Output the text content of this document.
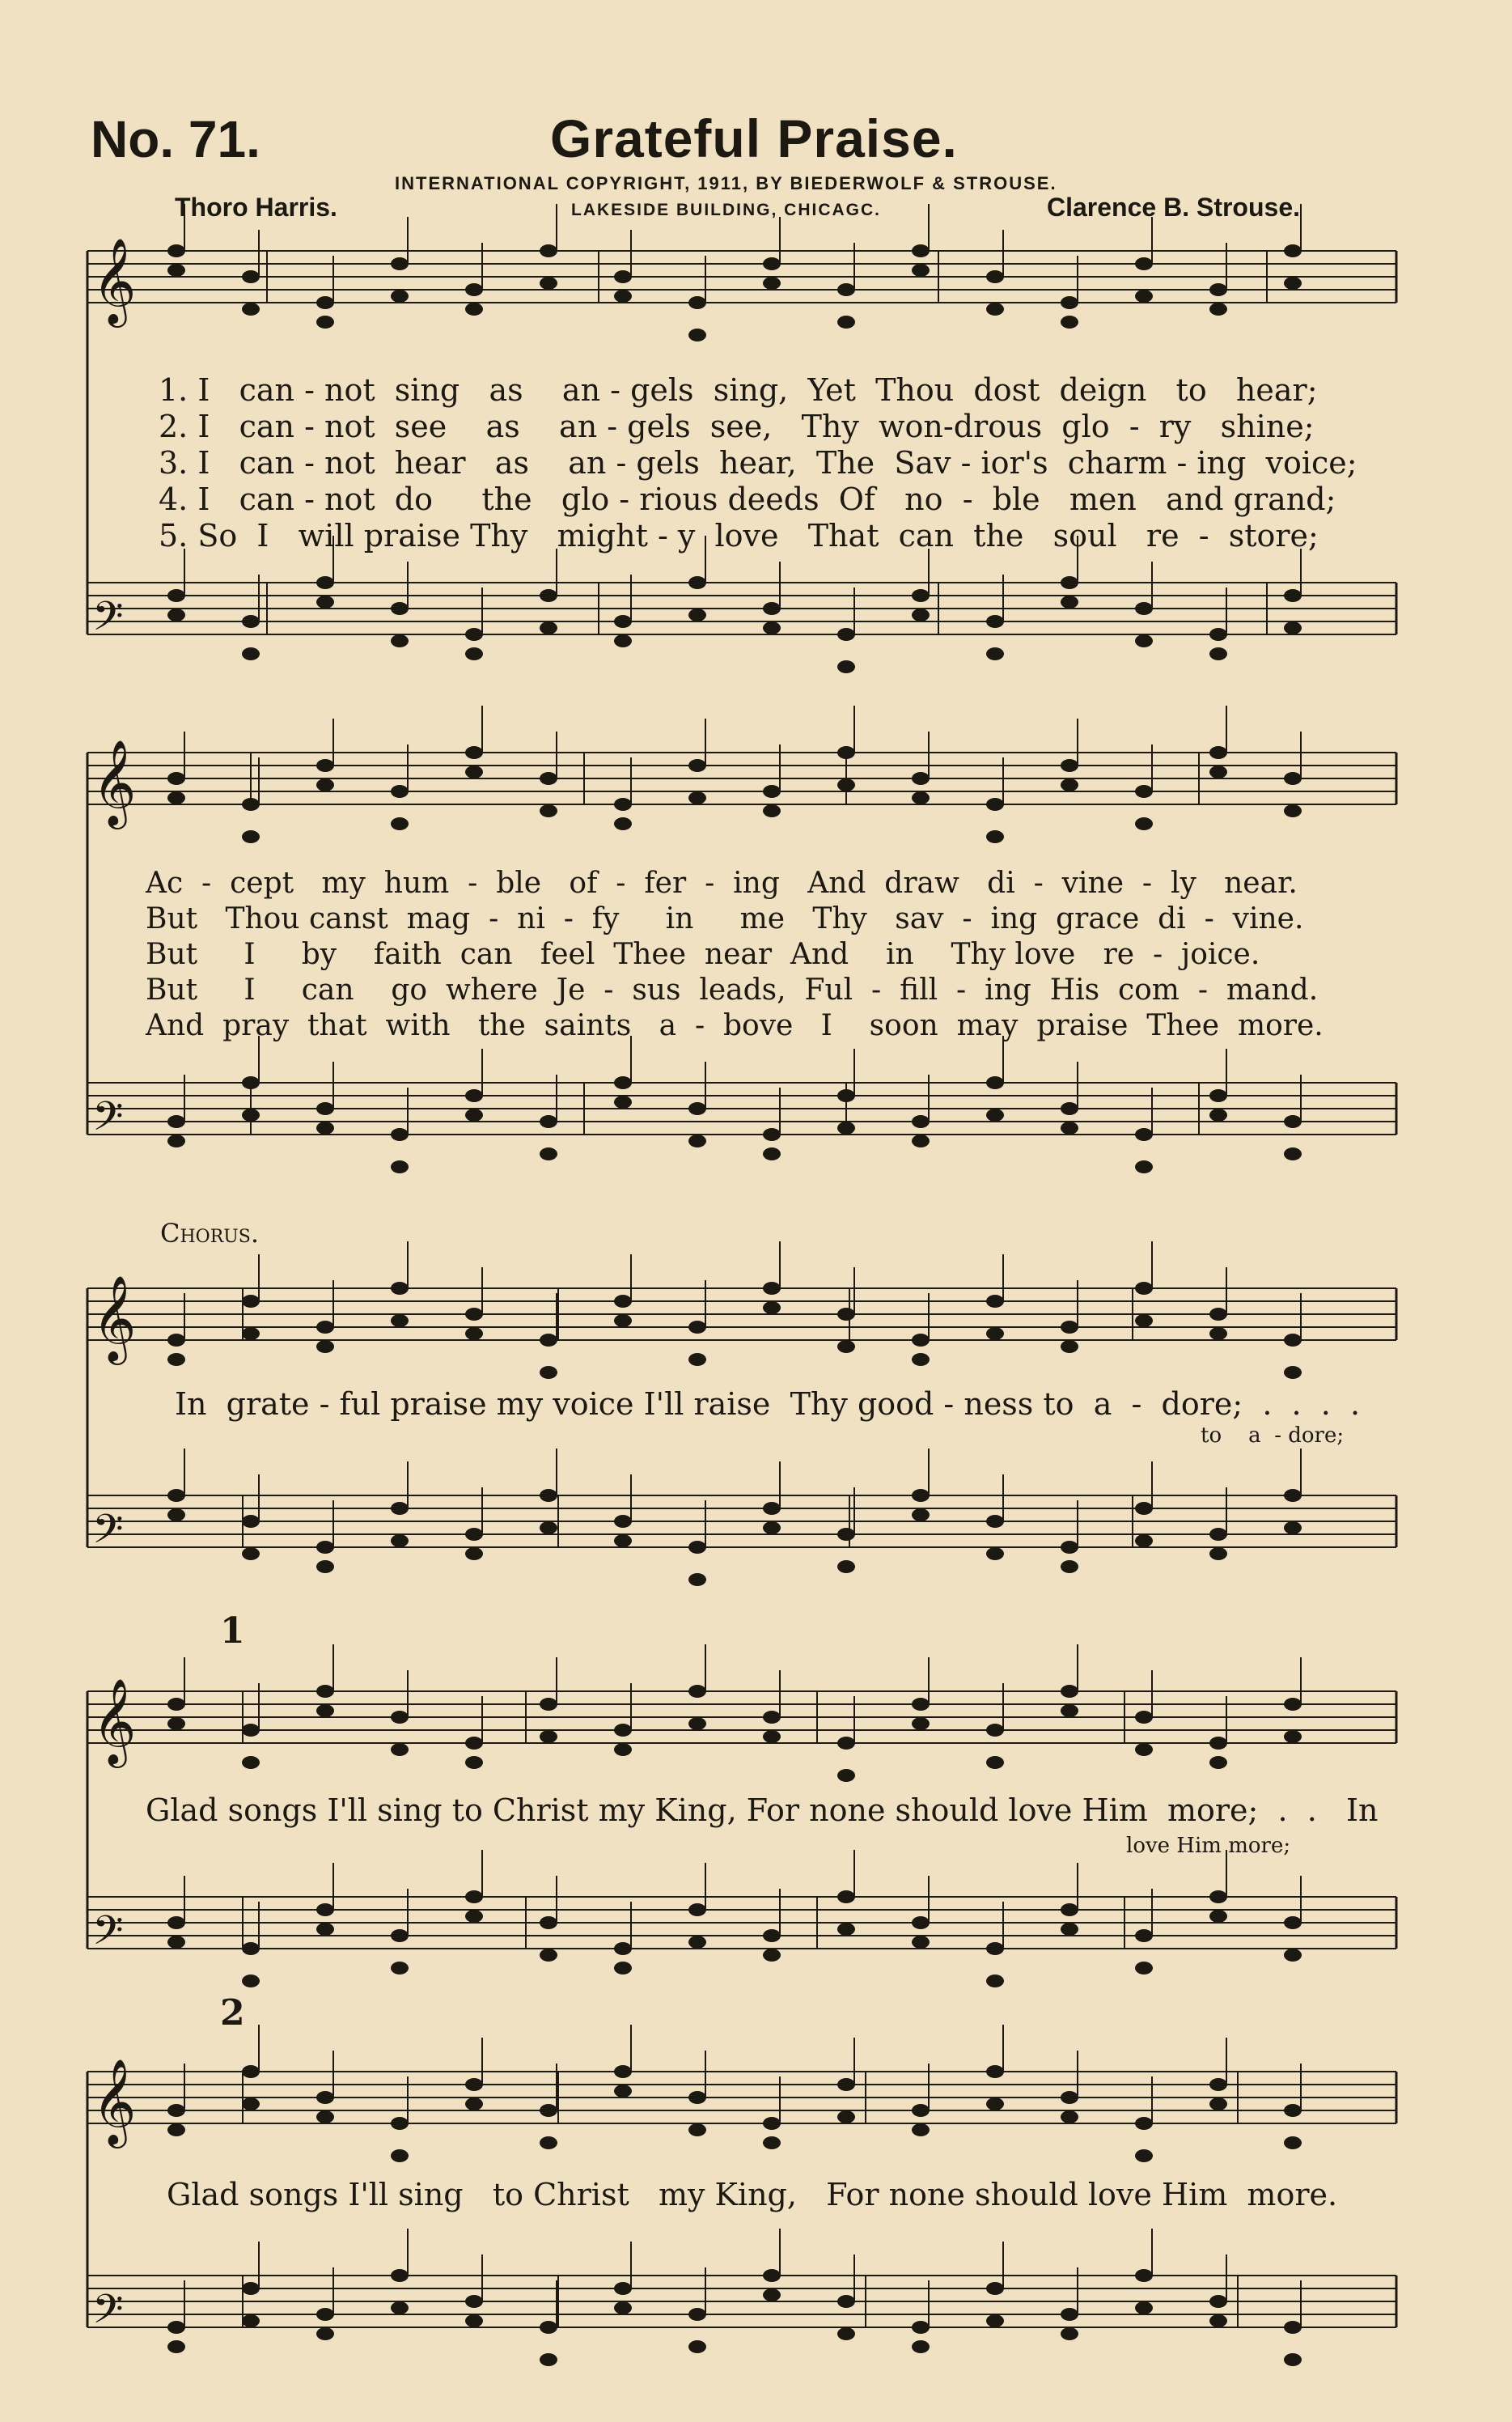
No. 71.	Grateful Praise.
INTERNATIONAL COPYRIGHT, 1911, BY BIEDERWOLF & STROUSE.
LAKESIDE BUILDING, CHICAGC.
Thoro Harris.	Clarence B. Strouse.
𝄞
𝄢
𝄞
𝄢
𝄞
𝄢
𝄞
𝄢
𝄞
𝄢
1. I   can - not  sing   as    an - gels  sing,  Yet  Thou  dost  deign   to   hear;
2. I   can - not  see    as    an - gels  see,   Thy  won-drous  glo  -  ry   shine;
3. I   can - not  hear   as    an - gels  hear,  The  Sav - ior's  charm - ing  voice;
4. I   can - not  do     the   glo - rious deeds  Of   no  -  ble   men   and grand;
5. So  I   will praise Thy   might - y  love   That  can  the   soul   re  -  store;
Ac  -  cept   my  hum  -  ble   of  -  fer  -  ing   And  draw   di  -  vine  -  ly   near.
But   Thou canst  mag  -  ni  -  fy     in     me   Thy   sav  -  ing  grace  di  -  vine.
But     I     by    faith  can   feel  Thee  near  And    in    Thy love   re  -  joice.
But     I     can    go  where  Je  -  sus  leads,  Ful  -  fill  -  ing  His  com  -  mand.
And  pray  that  with   the  saints   a  -  bove   I    soon  may  praise  Thee  more.
Chorus.
In  grate - ful praise my voice I'll raise  Thy good - ness to  a  -  dore;  .  .  .  .
to    a  - dore;
1
Glad songs I'll sing to Christ my King, For none should love Him  more;  .  .   In
love Him more;
2
Glad songs I'll sing   to Christ   my King,   For none should love Him  more.
